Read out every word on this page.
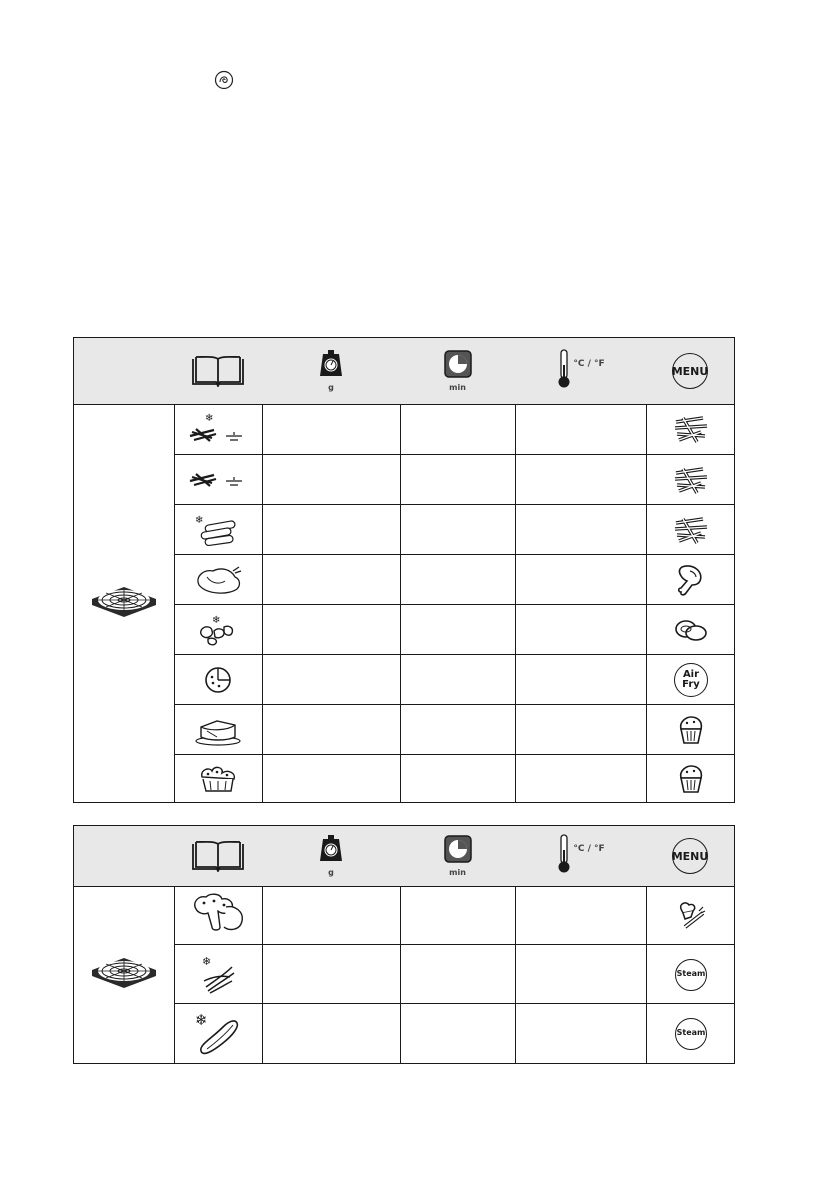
g	min
°C / °F
MENU
❄
❄
❄
Air
Fry
g	min
°C / °F
MENU
❄
Steam
❄
Steam
